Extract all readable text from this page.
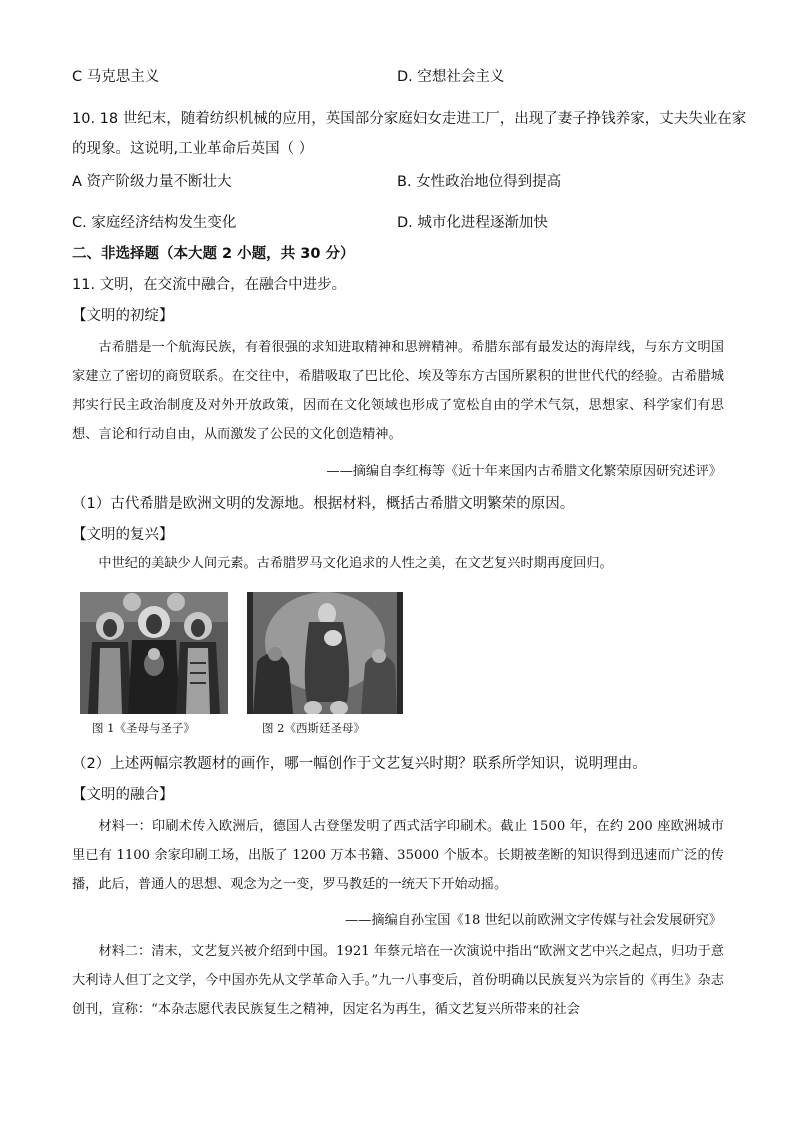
C 马克思主义	D. 空想社会主义
10. 18 世纪末，随着纺织机械的应用，英国部分家庭妇女走进工厂，出现了妻子挣钱养家，丈夫失业在家
的现象。这说明,工业革命后英国（ ）
A 资产阶级力量不断壮大	B. 女性政治地位得到提高
C. 家庭经济结构发生变化	D. 城市化进程逐渐加快
二、非选择题（本大题 2 小题，共 30 分）
11. 文明，在交流中融合，在融合中进步。
【文明的初绽】
古希腊是一个航海民族，有着很强的求知进取精神和思辨精神。希腊东部有最发达的海岸线，与东方文明国家建立了密切的商贸联系。在交往中，希腊吸取了巴比伦、埃及等东方古国所累积的世世代代的经验。古希腊城邦实行民主政治制度及对外开放政策，因而在文化领域也形成了宽松自由的学术气氛，思想家、科学家们有思想、言论和行动自由，从而激发了公民的文化创造精神。
——摘编自李红梅等《近十年来国内古希腊文化繁荣原因研究述评》
（1）古代希腊是欧洲文明的发源地。根据材料，概括古希腊文明繁荣的原因。
【文明的复兴】
中世纪的美缺少人间元素。古希腊罗马文化追求的人性之美，在文艺复兴时期再度回归。
图 1《圣母与圣子》	图 2《西斯廷圣母》
（2）上述两幅宗教题材的画作，哪一幅创作于文艺复兴时期？联系所学知识，说明理由。
【文明的融合】
材料一：印刷术传入欧洲后，德国人古登堡发明了西式活字印刷术。截止 1500 年，在约 200 座欧洲城市里已有 1100 余家印刷工场，出版了 1200 万本书籍、35000 个版本。长期被垄断的知识得到迅速而广泛的传播，此后，普通人的思想、观念为之一变，罗马教廷的一统天下开始动摇。
——摘编自孙宝国《18 世纪以前欧洲文字传媒与社会发展研究》
材料二：清末，文艺复兴被介绍到中国。1921 年蔡元培在一次演说中指出“欧洲文艺中兴之起点，归功于意大利诗人但丁之文学，今中国亦先从文学革命入手。”九一八事变后，首份明确以民族复兴为宗旨的《再生》杂志创刊，宣称：“本杂志愿代表民族复生之精神，因定名为再生，循文艺复兴所带来的社会
